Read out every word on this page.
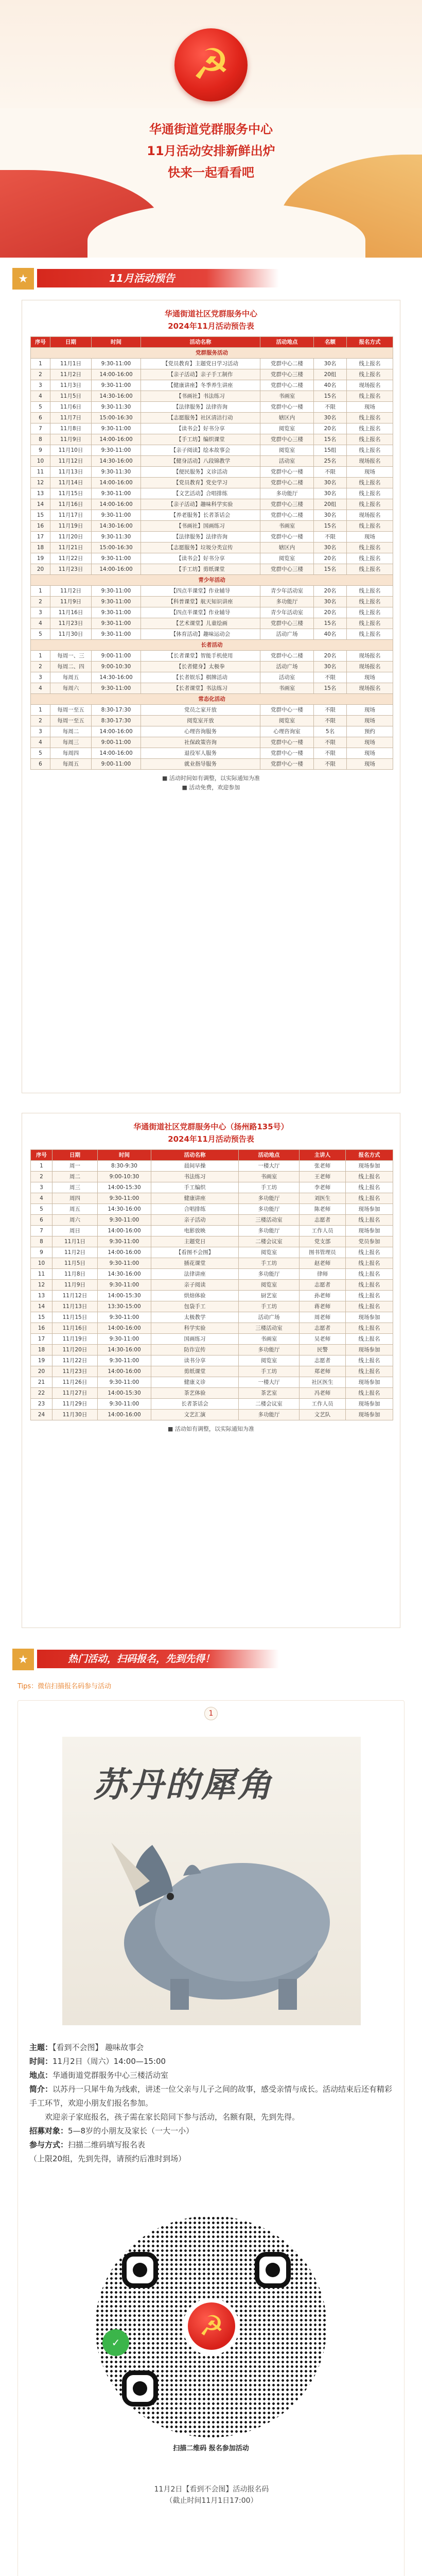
☭
华通街道党群服务中心
11月活动安排新鲜出炉
快来一起看看吧
★	11月活动预告
华通街道社区党群服务中心
2024年11月活动预告表
序号	日期	时间	活动名称	活动地点	名额	报名方式
党群服务活动						
1	11月1日	9:30-11:00	【党员教育】主题党日学习活动	党群中心二楼	30名	线上报名
2	11月2日	14:00-16:00	【亲子活动】亲子手工制作	党群中心三楼	20组	线上报名
3	11月3日	9:30-11:00	【健康讲座】冬季养生讲座	党群中心二楼	40名	现场报名
4	11月5日	14:30-16:00	【书画社】书法练习	书画室	15名	线上报名
5	11月6日	9:30-11:30	【法律服务】法律咨询	党群中心一楼	不限	现场
6	11月7日	15:00-16:30	【志愿服务】社区清洁行动	辖区内	30名	线上报名
7	11月8日	9:30-11:00	【读书会】好书分享	阅览室	20名	线上报名
8	11月9日	14:00-16:00	【手工坊】编织课堂	党群中心三楼	15名	线上报名
9	11月10日	9:30-11:00	【亲子阅读】绘本故事会	阅览室	15组	线上报名
10	11月12日	14:30-16:00	【健身活动】八段锦教学	活动室	25名	现场报名
11	11月13日	9:30-11:30	【便民服务】义诊活动	党群中心一楼	不限	现场
12	11月14日	14:00-16:00	【党员教育】党史学习	党群中心二楼	30名	线上报名
13	11月15日	9:30-11:00	【文艺活动】合唱排练	多功能厅	30名	线上报名
14	11月16日	14:00-16:00	【亲子活动】趣味科学实验	党群中心三楼	20组	线上报名
15	11月17日	9:30-11:00	【养老服务】长者茶话会	党群中心二楼	30名	现场报名
16	11月19日	14:30-16:00	【书画社】国画练习	书画室	15名	线上报名
17	11月20日	9:30-11:30	【法律服务】法律咨询	党群中心一楼	不限	现场
18	11月21日	15:00-16:30	【志愿服务】垃圾分类宣传	辖区内	30名	线上报名
19	11月22日	9:30-11:00	【读书会】好书分享	阅览室	20名	线上报名
20	11月23日	14:00-16:00	【手工坊】剪纸课堂	党群中心三楼	15名	线上报名
青少年活动						
1	11月2日	9:30-11:00	【四点半课堂】作业辅导	青少年活动室	20名	线上报名
2	11月9日	9:30-11:00	【科普课堂】航天知识讲座	多功能厅	30名	线上报名
3	11月16日	9:30-11:00	【四点半课堂】作业辅导	青少年活动室	20名	线上报名
4	11月23日	9:30-11:00	【艺术课堂】儿童绘画	党群中心三楼	15名	线上报名
5	11月30日	9:30-11:00	【体育活动】趣味运动会	活动广场	40名	线上报名
长者活动						
1	每周一、三	9:00-11:00	【长者课堂】智能手机使用	党群中心二楼	20名	现场报名
2	每周二、四	9:00-10:30	【长者健身】太极拳	活动广场	30名	现场报名
3	每周五	14:30-16:00	【长者娱乐】棋牌活动	活动室	不限	现场
4	每周六	9:30-11:00	【长者课堂】书法练习	书画室	15名	现场报名
常态化活动						
1	每周一至五	8:30-17:30	党员之家开放	党群中心一楼	不限	现场
2	每周一至五	8:30-17:30	阅览室开放	阅览室	不限	现场
3	每周二	14:00-16:00	心理咨询服务	心理咨询室	5名	预约
4	每周三	9:00-11:00	社保政策咨询	党群中心一楼	不限	现场
5	每周四	14:00-16:00	退役军人服务	党群中心一楼	不限	现场
6	每周五	9:00-11:00	就业指导服务	党群中心一楼	不限	现场
■ 活动时间如有调整，以实际通知为准
■ 活动免费，欢迎参加
华通街道社区党群服务中心（扬州路135号）
2024年11月活动预告表
序号	日期	时间	活动名称	活动地点	主讲人	报名方式
1	周一	8:30-9:30	晨间早操	一楼大厅	张老师	现场参加
2	周二	9:00-10:30	书法练习	书画室	王老师	线上报名
3	周三	14:00-15:30	手工编织	手工坊	李老师	线上报名
4	周四	9:30-11:00	健康讲座	多功能厅	刘医生	线上报名
5	周五	14:30-16:00	合唱排练	多功能厅	陈老师	现场参加
6	周六	9:30-11:00	亲子活动	三楼活动室	志愿者	线上报名
7	周日	14:00-16:00	电影放映	多功能厅	工作人员	现场参加
8	11月1日	9:30-11:00	主题党日	二楼会议室	党支部	党员参加
9	11月2日	14:00-16:00	【看图不会图】	阅览室	图书管理员	线上报名
10	11月5日	9:30-11:00	插花课堂	手工坊	赵老师	线上报名
11	11月8日	14:30-16:00	法律讲座	多功能厅	律师	线上报名
12	11月9日	9:30-11:00	亲子阅读	阅览室	志愿者	线上报名
13	11月12日	14:00-15:30	烘焙体验	厨艺室	孙老师	线上报名
14	11月13日	13:30-15:00	包袋手工	手工坊	蒋老师	线上报名
15	11月15日	9:30-11:00	太极教学	活动广场	周老师	现场参加
16	11月16日	14:00-16:00	科学实验	三楼活动室	志愿者	线上报名
17	11月19日	9:30-11:00	国画练习	书画室	吴老师	线上报名
18	11月20日	14:30-16:00	防诈宣传	多功能厅	民警	现场参加
19	11月22日	9:30-11:00	读书分享	阅览室	志愿者	线上报名
20	11月23日	14:00-16:00	剪纸课堂	手工坊	郑老师	线上报名
21	11月26日	9:30-11:00	健康义诊	一楼大厅	社区医生	现场参加
22	11月27日	14:00-15:30	茶艺体验	茶艺室	冯老师	线上报名
23	11月29日	9:30-11:00	长者茶话会	二楼会议室	工作人员	现场参加
24	11月30日	14:00-16:00	文艺汇演	多功能厅	文艺队	现场参加
■ 活动如有调整，以实际通知为准
★	热门活动，扫码报名，先到先得！
Tips：微信扫描报名码参与活动
1
苏丹的犀角
主题：【看到不会图】 趣味故事会
时间：11月2日（周六）14:00—15:00
地点：华通街道党群服务中心三楼活动室
简介：以苏丹一只犀牛角为线索，讲述一位父亲与儿子之间的故事，感受亲情与成长。活动结束后还有精彩手工环节，欢迎小朋友们报名参加。
欢迎亲子家庭报名，孩子需在家长陪同下参与活动，名额有限，先到先得。
招募对象：5—8岁的小朋友及家长（一大一小）
参与方式：扫描二维码填写报名表
（上限20组，先到先得，请预约后准时到场）
✓
☭
扫描二维码 报名参加活动
11月2日【看到不会图】活动报名码
（截止时间11月1日17:00）
